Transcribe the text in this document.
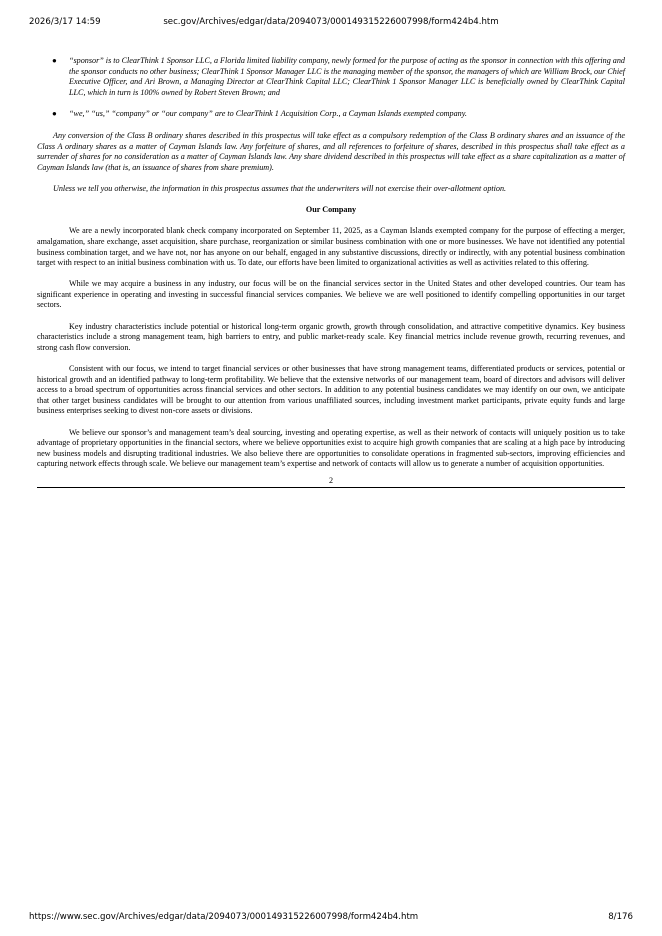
2026/3/17 14:59	sec.gov/Archives/edgar/data/2094073/000149315226007998/form424b4.htm
● “sponsor” is to ClearThink 1 Sponsor LLC, a Florida limited liability company, newly formed for the purpose of acting as the sponsor in connection with this offering and the sponsor conducts no other business; ClearThink 1 Sponsor Manager LLC is the managing member of the sponsor, the managers of which are William Brock, our Chief Executive Officer, and Ari Brown, a Managing Director at ClearThink Capital LLC; ClearThink 1 Sponsor Manager LLC is beneficially owned by ClearThink Capital LLC, which in turn is 100% owned by Robert Steven Brown; and
● “we,” “us,” “company” or “our company” are to ClearThink 1 Acquisition Corp., a Cayman Islands exempted company.

Any conversion of the Class B ordinary shares described in this prospectus will take effect as a compulsory redemption of the Class B ordinary shares and an issuance of the Class A ordinary shares as a matter of Cayman Islands law. Any forfeiture of shares, and all references to forfeiture of shares, described in this prospectus shall take effect as a surrender of shares for no consideration as a matter of Cayman Islands law. Any share dividend described in this prospectus will take effect as a share capitalization as a matter of Cayman Islands law (that is, an issuance of shares from share premium).

Unless we tell you otherwise, the information in this prospectus assumes that the underwriters will not exercise their over-allotment option.

Our Company

We are a newly incorporated blank check company incorporated on September 11, 2025, as a Cayman Islands exempted company for the purpose of effecting a merger, amalgamation, share exchange, asset acquisition, share purchase, reorganization or similar business combination with one or more businesses. We have not identified any potential business combination target, and we have not, nor has anyone on our behalf, engaged in any substantive discussions, directly or indirectly, with any potential business combination target with respect to an initial business combination with us. To date, our efforts have been limited to organizational activities as well as activities related to this offering.

While we may acquire a business in any industry, our focus will be on the financial services sector in the United States and other developed countries. Our team has significant experience in operating and investing in successful financial services companies. We believe we are well positioned to identify compelling opportunities in our target sectors.

Key industry characteristics include potential or historical long-term organic growth, growth through consolidation, and attractive competitive dynamics. Key business characteristics include a strong management team, high barriers to entry, and public market-ready scale. Key financial metrics include revenue growth, recurring revenues, and strong cash flow conversion.

Consistent with our focus, we intend to target financial services or other businesses that have strong management teams, differentiated products or services, potential or historical growth and an identified pathway to long-term profitability. We believe that the extensive networks of our management team, board of directors and advisors will deliver access to a broad spectrum of opportunities across financial services and other sectors. In addition to any potential business candidates we may identify on our own, we anticipate that other target business candidates will be brought to our attention from various unaffiliated sources, including investment market participants, private equity funds and large business enterprises seeking to divest non-core assets or divisions.

We believe our sponsor’s and management team’s deal sourcing, investing and operating expertise, as well as their network of contacts will uniquely position us to take advantage of proprietary opportunities in the financial sectors, where we believe opportunities exist to acquire high growth companies that are scaling at a high pace by introducing new business models and disrupting traditional industries. We also believe there are opportunities to consolidate operations in fragmented sub-sectors, improving efficiencies and capturing network effects through scale. We believe our management team’s expertise and network of contacts will allow us to generate a number of acquisition opportunities.

2
https://www.sec.gov/Archives/edgar/data/2094073/000149315226007998/form424b4.htm	8/176
